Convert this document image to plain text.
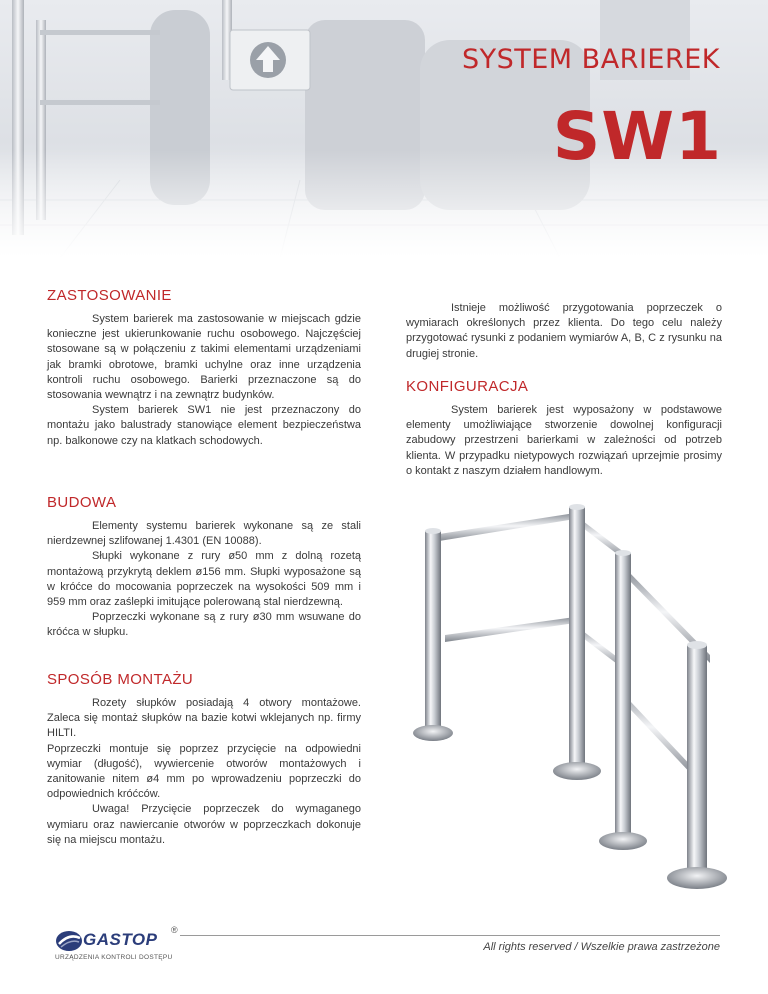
SYSTEM BARIEREK
SW1
ZASTOSOWANIE

System barierek ma zastosowanie w miejscach gdzie konieczne jest ukierunkowanie ruchu osobowego. Najczęściej stosowane są w połączeniu z takimi elementami urządzeniami jak bramki obrotowe, bramki uchylne oraz inne urządzenia kontroli ruchu osobowego. Barierki przeznaczone są do stosowania wewnątrz i na zewnątrz budynków.

System barierek SW1 nie jest przeznaczony do montażu jako balustrady stanowiące element bezpieczeństwa np. balkonowe czy na klatkach schodowych.

BUDOWA

Elementy systemu barierek wykonane są ze stali nierdzewnej szlifowanej 1.4301 (EN 10088).

Słupki wykonane z rury ø50 mm z dolną rozetą montażową przykrytą deklem ø156 mm. Słupki wyposażone są w króćce do mocowania poprzeczek na wysokości 509 mm i 959 mm oraz zaślepki imitujące polerowaną stal nierdzewną.

Poprzeczki wykonane są z rury ø30 mm wsuwane do króćca w słupku.

SPOSÓB MONTAŻU

Rozety słupków posiadają 4 otwory montażowe. Zaleca się montaż słupków na bazie kotwi wklejanych np. firmy HILTI.

Poprzeczki montuje się poprzez przycięcie na odpowiedni wymiar (długość), wywiercenie otworów montażowych i zanitowanie nitem ø4 mm po wprowadzeniu poprzeczki do odpowiednich króćców.

Uwaga! Przycięcie poprzeczek do wymaganego wymiaru oraz nawiercanie otworów w poprzeczkach dokonuje się na miejscu montażu.

Istnieje możliwość przygotowania poprzeczek o wymiarach określonych przez klienta. Do tego celu należy przygotować rysunki z podaniem wymiarów A, B, C z rysunku na drugiej stronie.

KONFIGURACJA

System barierek jest wyposażony w podstawowe elementy umożliwiające stworzenie dowolnej konfiguracji zabudowy przestrzeni barierkami w zależności od potrzeb klienta. W przypadku nietypowych rozwiązań uprzejmie prosimy o kontakt z naszym działem handlowym.

GASTOP ®
URZĄDZENIA KONTROLI DOSTĘPU
All rights reserved / Wszelkie prawa zastrzeżone
